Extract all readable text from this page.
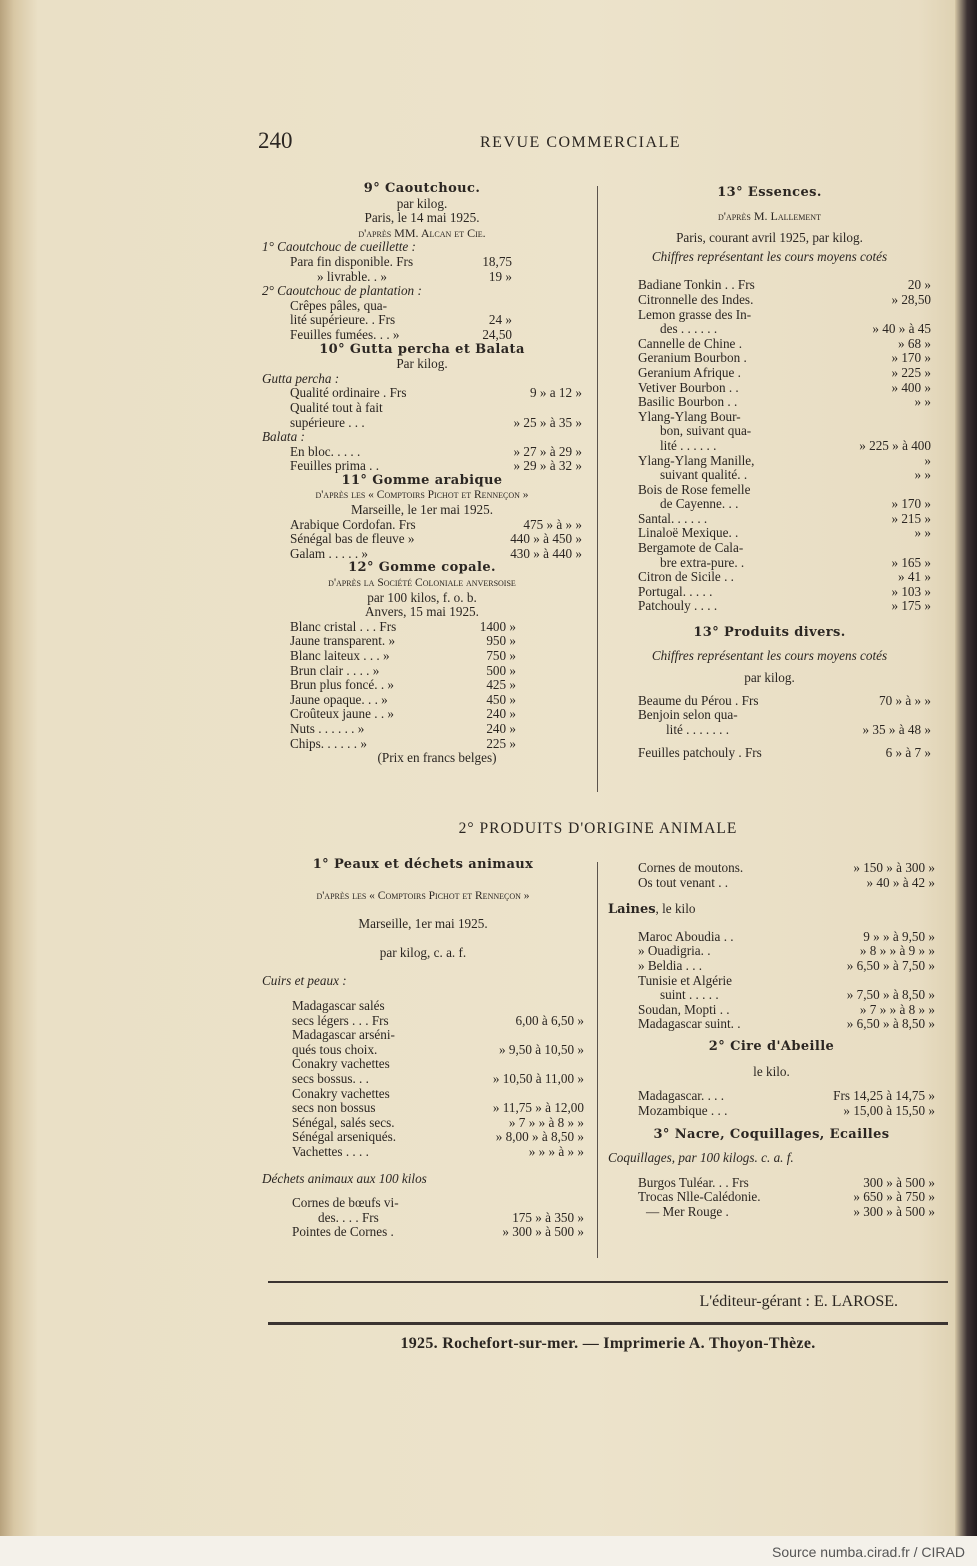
240	REVUE COMMERCIALE
9° Caoutchouc.
par kilog.
Paris, le 14 mai 1925.
d'après MM. Alcan et Cie.
1° Caoutchouc de cueillette :
Para fin disponible. Frs	18,75
» livrable. . »	19 »
2° Caoutchouc de plantation :
Crêpes pâles, qua-
lité supérieure. . Frs	24 »
Feuilles fumées. . . »	24,50
10° Gutta percha et Balata
Par kilog.
Gutta percha :
Qualité ordinaire . Frs	9 » a 12 »
Qualité tout à fait
supérieure . . .	» 25 » à 35 »
Balata :
En bloc. . . . .	» 27 » à 29 »
Feuilles prima . .	» 29 » à 32 »
11° Gomme arabique
d'après les « Comptoirs Pichot et Renneçon »
Marseille, le 1er mai 1925.
Arabique Cordofan. Frs	475 » à » »
Sénégal bas de fleuve »	440 » à 450 »
Galam . . . . . »	430 » à 440 »
12° Gomme copale.
d'après la Société Coloniale anversoise
par 100 kilos, f. o. b.
Anvers, 15 mai 1925.
Blanc cristal . . . Frs	1400 »
Jaune transparent. »	950 »
Blanc laiteux . . . »	750 »
Brun clair . . . . »	500 »
Brun plus foncé. . »	425 »
Jaune opaque. . . »	450 »
Croûteux jaune . . »	240 »
Nuts . . . . . . »	240 »
Chips. . . . . . »	225 »
(Prix en francs belges)
13° Essences.
d'après M. Lallement
Paris, courant avril 1925, par kilog.
Chiffres représentant les cours moyens cotés
Badiane Tonkin . . Frs	20 »
Citronnelle des Indes.	» 28,50
Lemon grasse des In-
des . . . . . .	» 40 » à 45
Cannelle de Chine .	» 68 »
Geranium Bourbon .	» 170 »
Geranium Afrique .	» 225 »
Vetiver Bourbon . .	» 400 »
Basilic Bourbon . .	» »
Ylang-Ylang Bour-
bon, suivant qua-
lité . . . . . .	» 225 » à 400
Ylang-Ylang Manille,	»
suivant qualité. .	» »
Bois de Rose femelle
de Cayenne. . .	» 170 »
Santal. . . . . .	» 215 »
Linaloë Mexique. .	» »
Bergamote de Cala-
bre extra-pure. .	» 165 »
Citron de Sicile . .	» 41 »
Portugal. . . . .	» 103 »
Patchouly . . . .	» 175 »
13° Produits divers.
Chiffres représentant les cours moyens cotés
par kilog.
Beaume du Pérou . Frs	70 » à » »
Benjoin selon qua-
lité . . . . . . .	» 35 » à 48 »
Feuilles patchouly . Frs	6 » à 7 »
2° PRODUITS D'ORIGINE ANIMALE
1° Peaux et déchets animaux
d'après les « Comptoirs Pichot et Renneçon »
Marseille, 1er mai 1925.
par kilog, c. a. f.
Cuirs et peaux :
Madagascar salés
secs légers . . . Frs	6,00 à 6,50 »
Madagascar arséni-
qués tous choix.	» 9,50 à 10,50 »
Conakry vachettes
secs bossus. . .	» 10,50 à 11,00 »
Conakry vachettes
secs non bossus	» 11,75 » à 12,00
Sénégal, salés secs.	» 7 » » à 8 » »
Sénégal arseniqués.	» 8,00 » à 8,50 »
Vachettes . . . .	» » » à » »
Déchets animaux aux 100 kilos
Cornes de bœufs vi-
des. . . . Frs	175 » à 350 »
Pointes de Cornes .	» 300 » à 500 »
Cornes de moutons.	» 150 » à 300 »
Os tout venant . .	» 40 » à 42 »
Laines, le kilo
Maroc Aboudia . .	9 » » à 9,50 »
» Ouadigria. .	» 8 » » à 9 » »
» Beldia . . .	» 6,50 » à 7,50 »
Tunisie et Algérie
suint . . . . .	» 7,50 » à 8,50 »
Soudan, Mopti . .	» 7 » » à 8 » »
Madagascar suint. .	» 6,50 » à 8,50 »
2° Cire d'Abeille
le kilo.
Madagascar. . . .	Frs 14,25 à 14,75 »
Mozambique . . .	» 15,00 à 15,50 »
3° Nacre, Coquillages, Ecailles
Coquillages, par 100 kilogs. c. a. f.
Burgos Tuléar. . . Frs	300 » à 500 »
Trocas Nlle-Calédonie.	» 650 » à 750 »
— Mer Rouge .	» 300 » à 500 »
L'éditeur-gérant : E. LAROSE.
1925. Rochefort-sur-mer. — Imprimerie A. Thoyon-Thèze.
Source numba.cirad.fr / CIRAD
